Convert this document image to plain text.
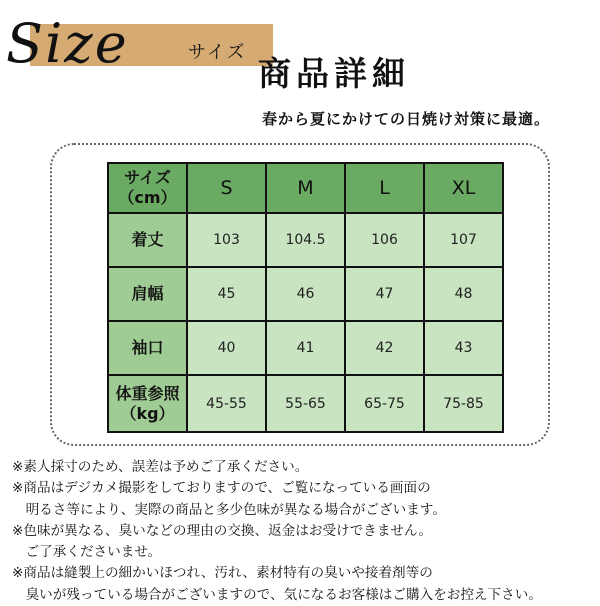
Size	サイズ
商品詳細
春から夏にかけての日焼け対策に最適。
サイズ
（cm）	S	M	L	XL
着丈	103	104.5	106	107
肩幅	45	46	47	48
袖口	40	41	42	43
体重参照
（kg）	45-55	55-65	65-75	75-85
※素人採寸のため、誤差は予めご了承ください。
※商品はデジカメ撮影をしておりますので、ご覧になっている画面の
　明るさ等により、実際の商品と多少色味が異なる場合がございます。
※色味が異なる、臭いなどの理由の交換、返金はお受けできません。
　ご了承くださいませ。
※商品は縫製上の細かいほつれ、汚れ、素材特有の臭いや接着剤等の
　臭いが残っている場合がございますので、気になるお客様はご購入をお控え下さい。
